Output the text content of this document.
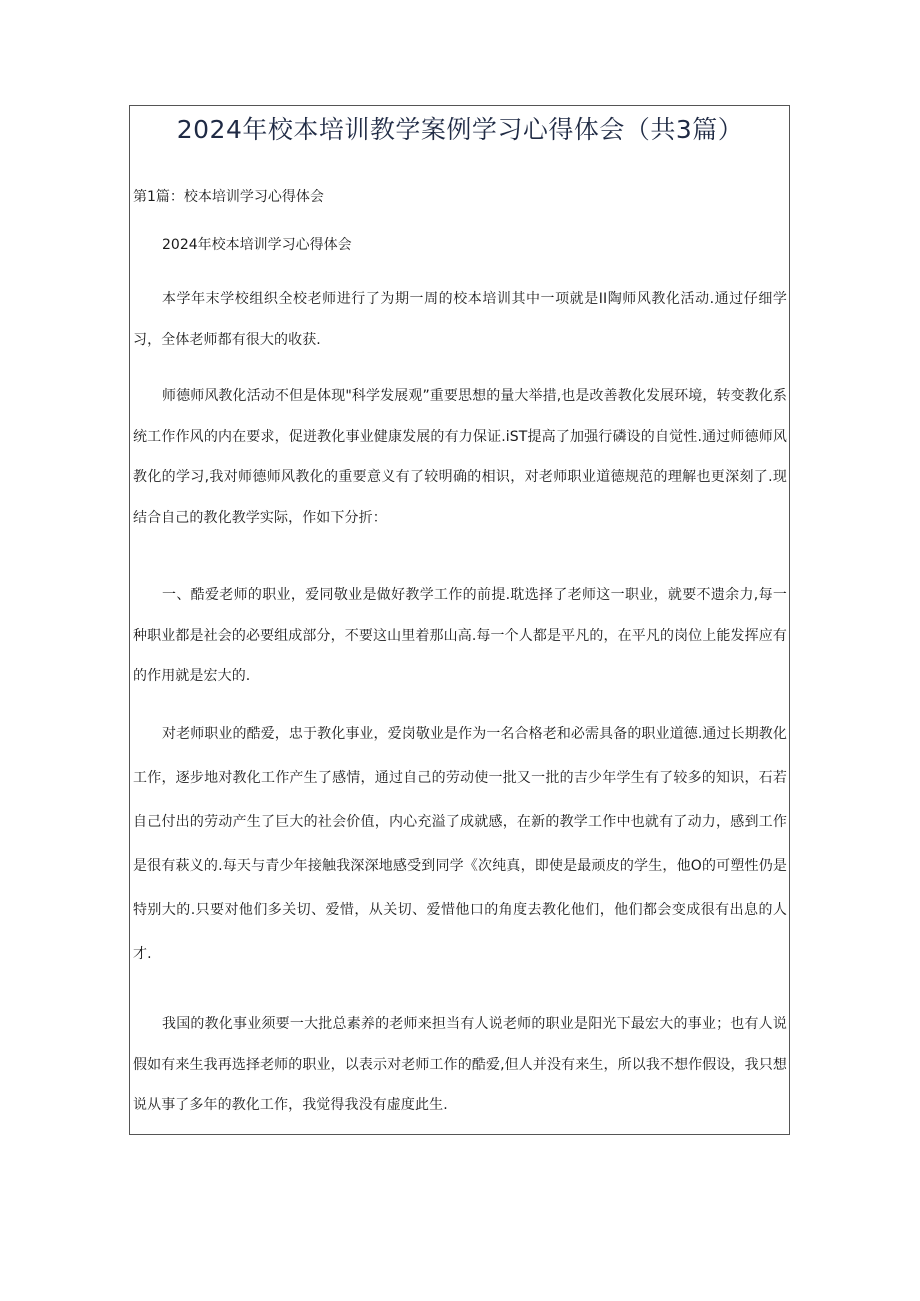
2024年校本培训教学案例学习心得体会（共3篇）
第1篇：校本培训学习心得体会
2024年校本培训学习心得体会

本学年末学校组织全校老师进行了为期一周的校本培训其中一项就是II陶师风教化活动.通过仔细学习，全体老师都有很大的收获.

师德师风教化活动不但是体现"科学发展观”重要思想的量大举措,也是改善教化发展环境，转变教化系统工作作风的内在要求，促迸教化事业健康发展的有力保证.iST提高了加强行磷设的自觉性.通过师德师风教化的学习,我对师德师风教化的重要意义有了较明确的相识，对老师职业道德规范的理解也更深刻了.现结合自己的教化教学实际，作如下分折：

一、酷爱老师的职业，爱同敬业是做好教学工作的前提.耽选择了老师这一职业，就要不遗余力,每一种职业都是社会的必要组成部分，不要这山里着那山高.每一个人都是平凡的，在平凡的岗位上能发挥应有的作用就是宏大的.

对老师职业的酷爱，忠于教化事业，爱岗敬业是作为一名合格老和必需具备的职业道德.通过长期教化工作，逐步地对教化工作产生了感情，通过自己的劳动使一批又一批的吉少年学生有了较多的知识，石若自己付出的劳动产生了巨大的社会价值，内心充溢了成就感，在新的教学工作中也就有了动力，感到工作是很有萩义的.每天与青少年接触我深深地感受到同学《次纯真，即使是最顽皮的学生，他O的可塑性仍是特别大的.只要对他们多关切、爱惜，从关切、爱惜他口的角度去教化他们，他们都会变成很有出息的人才.

我国的教化事业须要一大批总素养的老师来担当有人说老师的职业是阳光下最宏大的事业；也有人说假如有来生我再选择老师的职业，以表示对老师工作的酷爱,但人并没有来生，所以我不想作假设，我只想说从事了多年的教化工作，我觉得我没有虚度此生.
